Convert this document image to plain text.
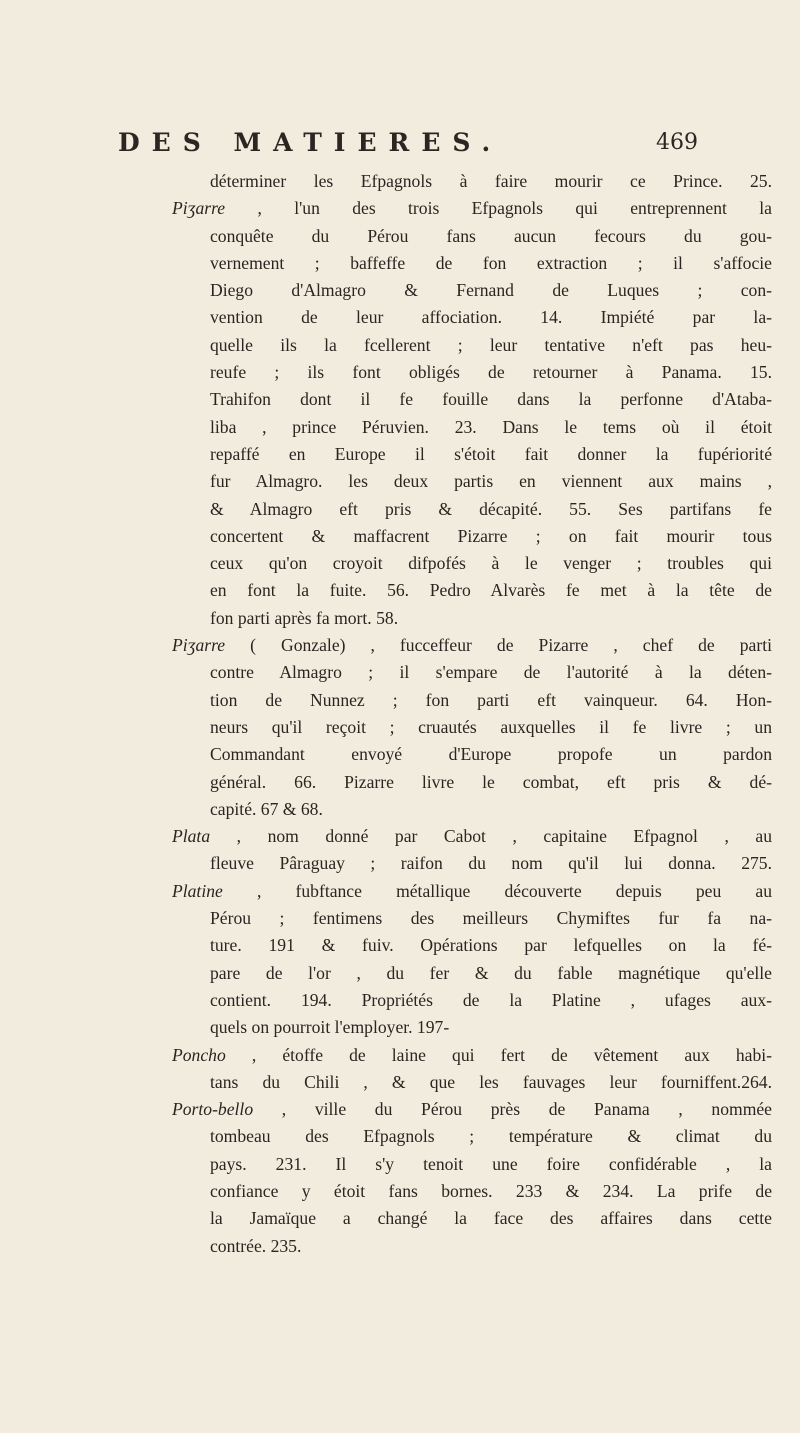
DES MATIERES.	469
déterminer les Efpagnols à faire mourir ce Prince. 25.
Piʒarre , l'un des trois Efpagnols qui entreprennent la
conquête du Pérou fans aucun fecours du gou-
vernement ; baffeffe de fon extraction ; il s'affocie
Diego d'Almagro & Fernand de Luques ; con-
vention de leur affociation. 14. Impiété par la-
quelle ils la fcellerent ; leur tentative n'eft pas heu-
reufe ; ils font obligés de retourner à Panama. 15.
Trahifon dont il fe fouille dans la perfonne d'Ataba-
liba , prince Péruvien. 23. Dans le tems où il étoit
repaffé en Europe il s'étoit fait donner la fupériorité
fur Almagro. les deux partis en viennent aux mains ,
& Almagro eft pris & décapité. 55. Ses partifans fe
concertent & maffacrent Pizarre ; on fait mourir tous
ceux qu'on croyoit difpofés à le venger ; troubles qui
en font la fuite. 56. Pedro Alvarès fe met à la tête de
fon parti après fa mort. 58.
Piʒarre ( Gonzale) , fucceffeur de Pizarre , chef de parti
contre Almagro ; il s'empare de l'autorité à la déten-
tion de Nunnez ; fon parti eft vainqueur. 64. Hon-
neurs qu'il reçoit ; cruautés auxquelles il fe livre ; un
Commandant envoyé d'Europe propofe un pardon
général. 66. Pizarre livre le combat, eft pris & dé-
capité. 67 & 68.
Plata , nom donné par Cabot , capitaine Efpagnol , au
fleuve Pâraguay ; raifon du nom qu'il lui donna. 275.
Platine , fubftance métallique découverte depuis peu au
Pérou ; fentimens des meilleurs Chymiftes fur fa na-
ture. 191 & fuiv. Opérations par lefquelles on la fé-
pare de l'or , du fer & du fable magnétique qu'elle
contient. 194. Propriétés de la Platine , ufages aux-
quels on pourroit l'employer. 197-
Poncho , étoffe de laine qui fert de vêtement aux habi-
tans du Chili , & que les fauvages leur fourniffent.264.
Porto-bello , ville du Pérou près de Panama , nommée
tombeau des Efpagnols ; température & climat du
pays. 231. Il s'y tenoit une foire confidérable , la
confiance y étoit fans bornes. 233 & 234. La prife de
la Jamaïque a changé la face des affaires dans cette
contrée. 235.
